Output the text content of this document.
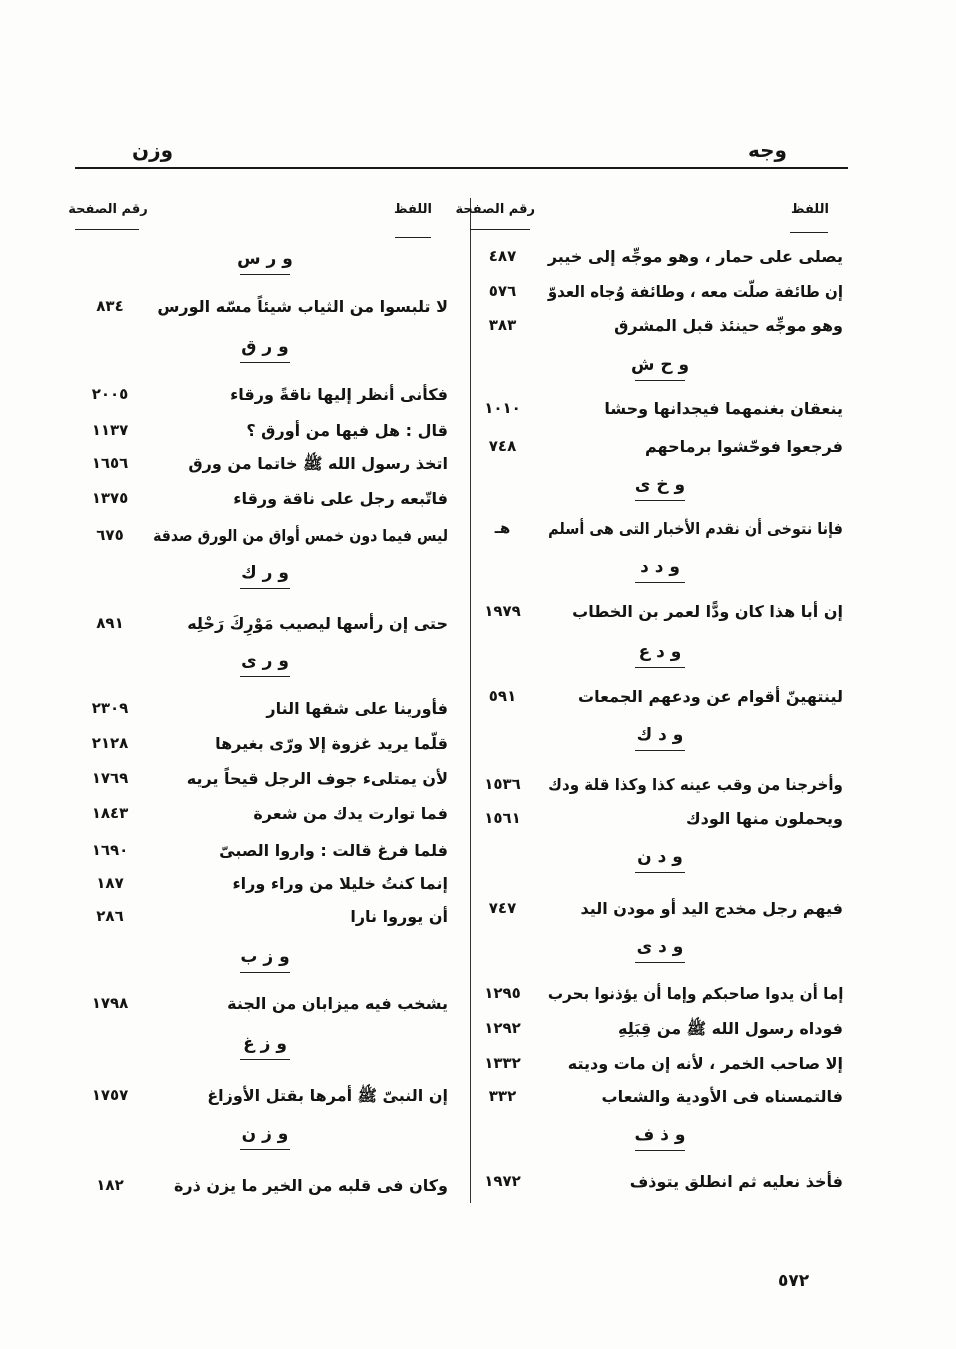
وجه
وزن
اللفظ
رقم الصفحة
يصلى على حمار ، وهو موجِّه إلى خيبر
٤٨٧
إن طائفة صلّت معه ، وطائفة وُجاه العدوّ
٥٧٦
وهو موجِّه حينئذ قبل المشرق
٣٨٣
و ح ش
ينعقان بغنمهما فيجدانها وحشا
١٠١٠
فرجعوا فوحّشوا برماحهم
٧٤٨
و خ ى
فإنا نتوخى أن نقدم الأخبار التى هى أسلم
هـ
و د د
إن أبا هذا كان ودًّا لعمر بن الخطاب
١٩٧٩
و د ع
لينتهينّ أقوام عن ودعهم الجمعات
٥٩١
و د ك
وأخرجنا من وقب عينه كذا وكذا قلة ودك
١٥٣٦
ويحملون منها الودك
١٥٦١
و د ن
فيهم رجل مخدج اليد أو مودن اليد
٧٤٧
و د ى
إما أن يدوا صاحبكم وإما أن يؤذنوا بحرب
١٢٩٥
فوداه رسول الله ﷺ من قِبَلِهِ
١٢٩٢
إلا صاحب الخمر ، لأنه إن مات وديته
١٣٣٢
فالتمسناه فى الأودية والشعاب
٣٣٢
و ذ ف
فأخذ نعليه ثم انطلق يتوذف
١٩٧٢
اللفظ
رقم الصفحة
و ر س
لا تلبسوا من الثياب شيئاً مسّه الورس
٨٣٤
و ر ق
فكأنى أنظر إليها ناقةً ورقاء
٢٠٠٥
قال : هل فيها من أورق ؟
١١٣٧
اتخذ رسول الله ﷺ خاتما من ورق
١٦٥٦
فاتّبعه رجل على ناقة ورقاء
١٣٧٥
ليس فيما دون خمس أواق من الورق صدقة
٦٧٥
و ر ك
حتى إن رأسها ليصيب مَوْرِكَ رَحْلِه
٨٩١
و ر ى
فأورينا على شقها النار
٢٣٠٩
قلّما يريد غزوة إلا ورّى بغيرها
٢١٢٨
لأن يمتلىء جوف الرجل قيحاً يريه
١٧٦٩
فما توارت يدك من شعرة
١٨٤٣
فلما فرغ قالت : واروا الصبىّ
١٦٩٠
إنما كنتُ خليلا من وراء وراء
١٨٧
أن يوروا نارا
٢٨٦
و ز ب
يشخب فيه ميزابان من الجنة
١٧٩٨
و ز غ
إن النبىّ ﷺ أمرها بقتل الأوزاغ
١٧٥٧
و ز ن
وكان فى قلبه من الخير ما يزن ذرة
١٨٢
٥٧٢
